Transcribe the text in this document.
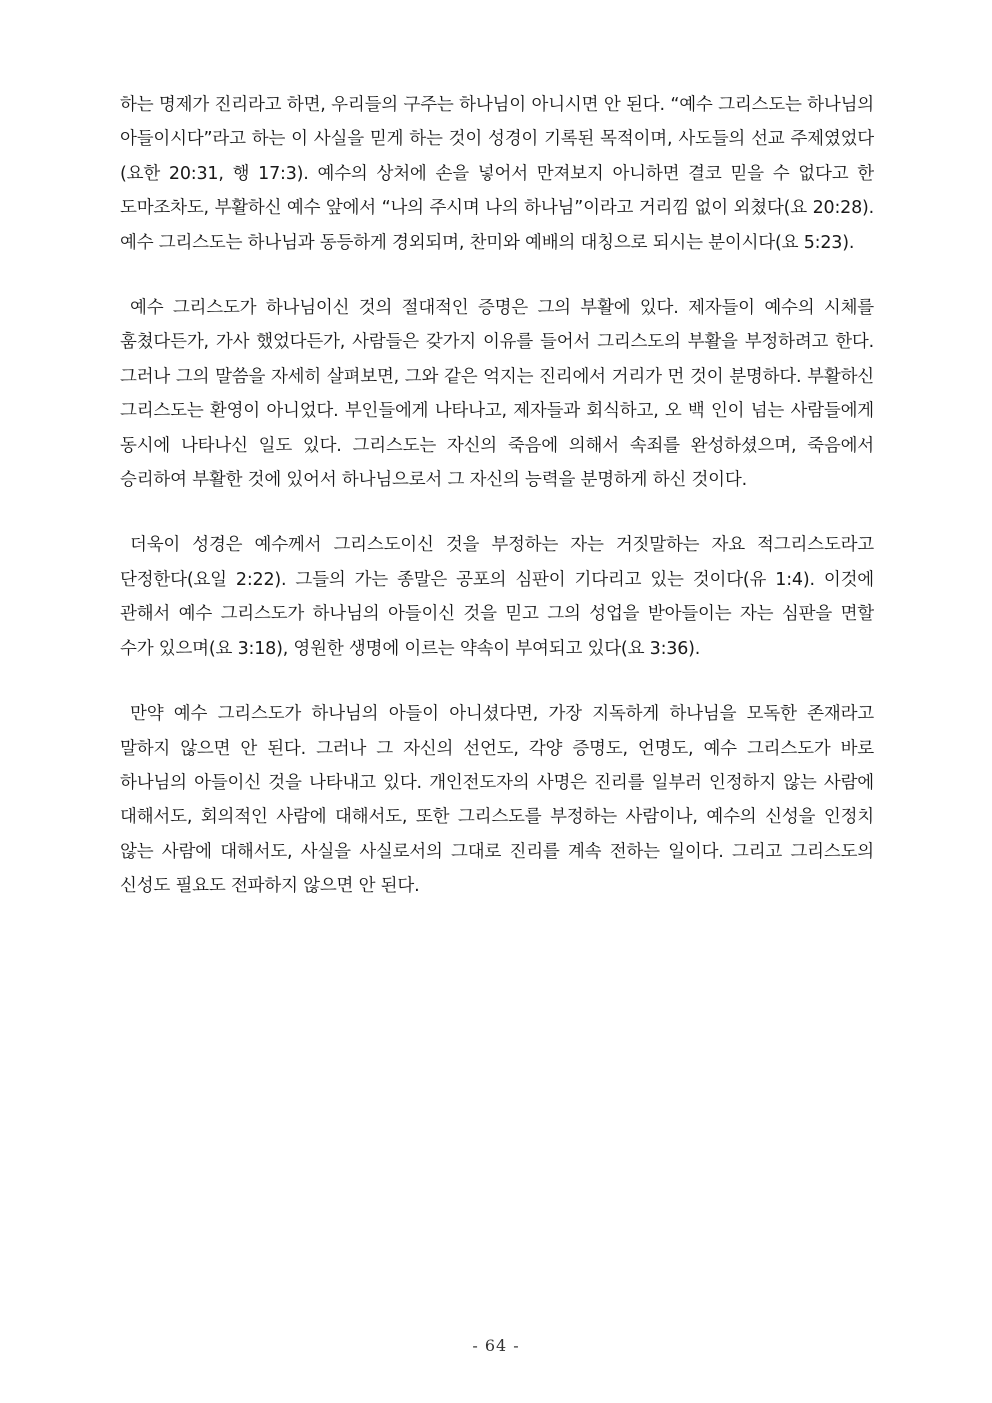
하는 명제가 진리라고 하면, 우리들의 구주는 하나님이 아니시면 안 된다. “예수 그리스도는 하나님의 아들이시다”라고 하는 이 사실을 믿게 하는 것이 성경이 기록된 목적이며, 사도들의 선교 주제였었다(요한 20:31, 행 17:3). 예수의 상처에 손을 넣어서 만져보지 아니하면 결코 믿을 수 없다고 한 도마조차도, 부활하신 예수 앞에서 “나의 주시며 나의 하나님”이라고 거리낌 없이 외쳤다(요 20:28). 예수 그리스도는 하나님과 동등하게 경외되며, 찬미와 예배의 대칭으로 되시는 분이시다(요 5:23).

예수 그리스도가 하나님이신 것의 절대적인 증명은 그의 부활에 있다. 제자들이 예수의 시체를 훔쳤다든가, 가사 했었다든가, 사람들은 갖가지 이유를 들어서 그리스도의 부활을 부정하려고 한다. 그러나 그의 말씀을 자세히 살펴보면, 그와 같은 억지는 진리에서 거리가 먼 것이 분명하다. 부활하신 그리스도는 환영이 아니었다. 부인들에게 나타나고, 제자들과 회식하고, 오 백 인이 넘는 사람들에게 동시에 나타나신 일도 있다. 그리스도는 자신의 죽음에 의해서 속죄를 완성하셨으며, 죽음에서 승리하여 부활한 것에 있어서 하나님으로서 그 자신의 능력을 분명하게 하신 것이다.

더욱이 성경은 예수께서 그리스도이신 것을 부정하는 자는 거짓말하는 자요 적그리스도라고 단정한다(요일 2:22). 그들의 가는 종말은 공포의 심판이 기다리고 있는 것이다(유 1:4). 이것에 관해서 예수 그리스도가 하나님의 아들이신 것을 믿고 그의 성업을 받아들이는 자는 심판을 면할 수가 있으며(요 3:18), 영원한 생명에 이르는 약속이 부여되고 있다(요 3:36).

만약 예수 그리스도가 하나님의 아들이 아니셨다면, 가장 지독하게 하나님을 모독한 존재라고 말하지 않으면 안 된다. 그러나 그 자신의 선언도, 각양 증명도, 언명도, 예수 그리스도가 바로 하나님의 아들이신 것을 나타내고 있다. 개인전도자의 사명은 진리를 일부러 인정하지 않는 사람에 대해서도, 회의적인 사람에 대해서도, 또한 그리스도를 부정하는 사람이나, 예수의 신성을 인정치 않는 사람에 대해서도, 사실을 사실로서의 그대로 진리를 계속 전하는 일이다. 그리고 그리스도의 신성도 필요도 전파하지 않으면 안 된다.

- 64 -
